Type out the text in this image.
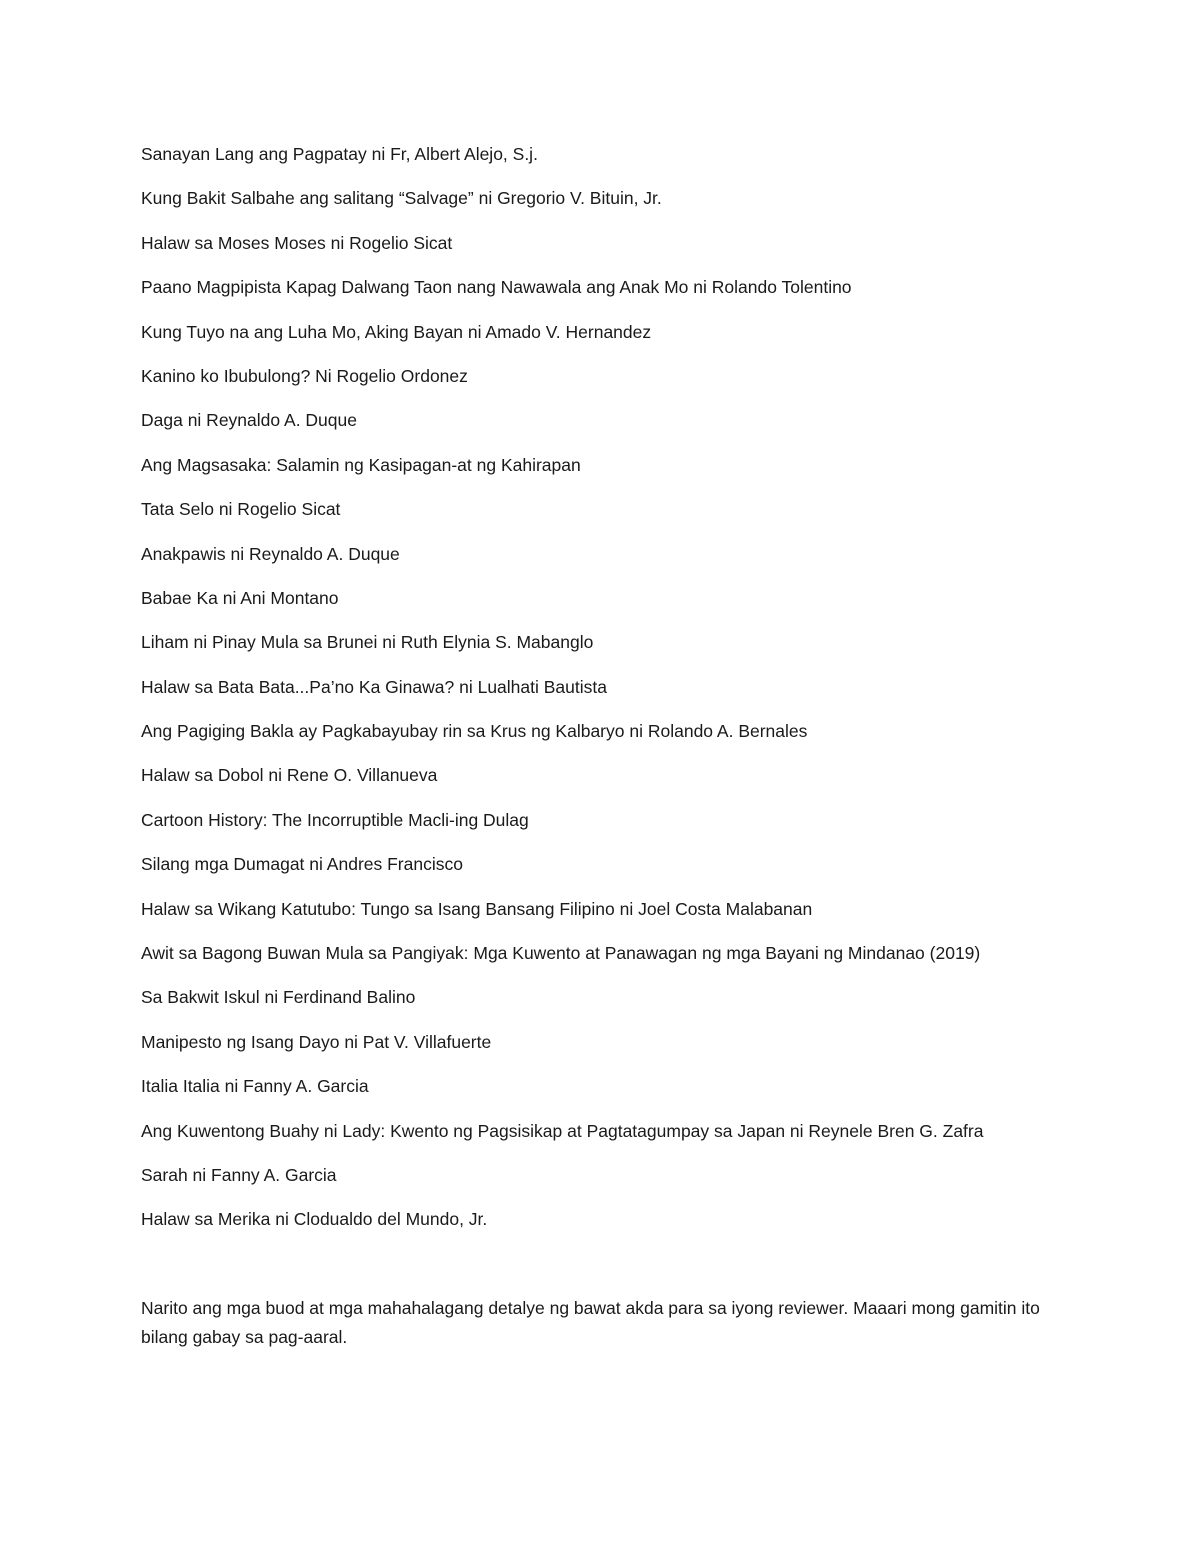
Sanayan Lang ang Pagpatay ni Fr, Albert Alejo, S.j.

Kung Bakit Salbahe ang salitang “Salvage” ni Gregorio V. Bituin, Jr.

Halaw sa Moses Moses ni Rogelio Sicat

Paano Magpipista Kapag Dalwang Taon nang Nawawala ang Anak Mo ni Rolando Tolentino

Kung Tuyo na ang Luha Mo, Aking Bayan ni Amado V. Hernandez

Kanino ko Ibubulong? Ni Rogelio Ordonez

Daga ni Reynaldo A. Duque

Ang Magsasaka: Salamin ng Kasipagan-at ng Kahirapan

Tata Selo ni Rogelio Sicat

Anakpawis ni Reynaldo A. Duque

Babae Ka ni Ani Montano

Liham ni Pinay Mula sa Brunei ni Ruth Elynia S. Mabanglo

Halaw sa Bata Bata...Pa’no Ka Ginawa? ni Lualhati Bautista

Ang Pagiging Bakla ay Pagkabayubay rin sa Krus ng Kalbaryo ni Rolando A. Bernales

Halaw sa Dobol ni Rene O. Villanueva

Cartoon History: The Incorruptible Macli-ing Dulag

Silang mga Dumagat ni Andres Francisco

Halaw sa Wikang Katutubo: Tungo sa Isang Bansang Filipino ni Joel Costa Malabanan

Awit sa Bagong Buwan Mula sa Pangiyak: Mga Kuwento at Panawagan ng mga Bayani ng Mindanao (2019)

Sa Bakwit Iskul ni Ferdinand Balino

Manipesto ng Isang Dayo ni Pat V. Villafuerte

Italia Italia ni Fanny A. Garcia

Ang Kuwentong Buahy ni Lady: Kwento ng Pagsisikap at Pagtatagumpay sa Japan ni Reynele Bren G. Zafra

Sarah ni Fanny A. Garcia

Halaw sa Merika ni Clodualdo del Mundo, Jr.

Narito ang mga buod at mga mahahalagang detalye ng bawat akda para sa iyong reviewer. Maaari mong gamitin ito bilang gabay sa pag-aaral.
